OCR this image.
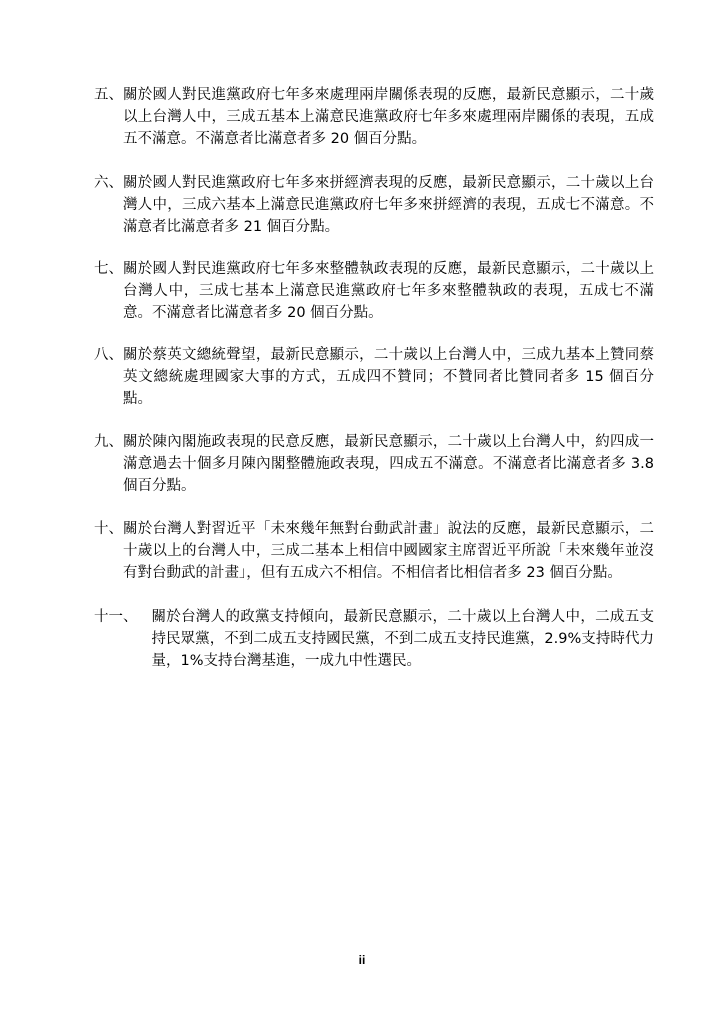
五、 關於國人對民進黨政府七年多來處理兩岸關係表現的反應，最新民意顯示，二十歲以上台灣人中，三成五基本上滿意民進黨政府七年多來處理兩岸關係的表現，五成五不滿意。不滿意者比滿意者多 20 個百分點。
六、 關於國人對民進黨政府七年多來拼經濟表現的反應，最新民意顯示，二十歲以上台灣人中，三成六基本上滿意民進黨政府七年多來拼經濟的表現，五成七不滿意。不滿意者比滿意者多 21 個百分點。
七、 關於國人對民進黨政府七年多來整體執政表現的反應，最新民意顯示，二十歲以上台灣人中，三成七基本上滿意民進黨政府七年多來整體執政的表現，五成七不滿意。不滿意者比滿意者多 20 個百分點。
八、 關於蔡英文總統聲望，最新民意顯示，二十歲以上台灣人中，三成九基本上贊同蔡英文總統處理國家大事的方式，五成四不贊同；不贊同者比贊同者多 15 個百分點。
九、 關於陳內閣施政表現的民意反應，最新民意顯示，二十歲以上台灣人中，約四成一滿意過去十個多月陳內閣整體施政表現，四成五不滿意。不滿意者比滿意者多 3.8 個百分點。
十、 關於台灣人對習近平「未來幾年無對台動武計畫」說法的反應，最新民意顯示，二十歲以上的台灣人中，三成二基本上相信中國國家主席習近平所說「未來幾年並沒有對台動武的計畫」，但有五成六不相信。不相信者比相信者多 23 個百分點。
十一、 關於台灣人的政黨支持傾向，最新民意顯示，二十歲以上台灣人中，二成五支持民眾黨，不到二成五支持國民黨，不到二成五支持民進黨，2.9%支持時代力量，1%支持台灣基進，一成九中性選民。
ii
